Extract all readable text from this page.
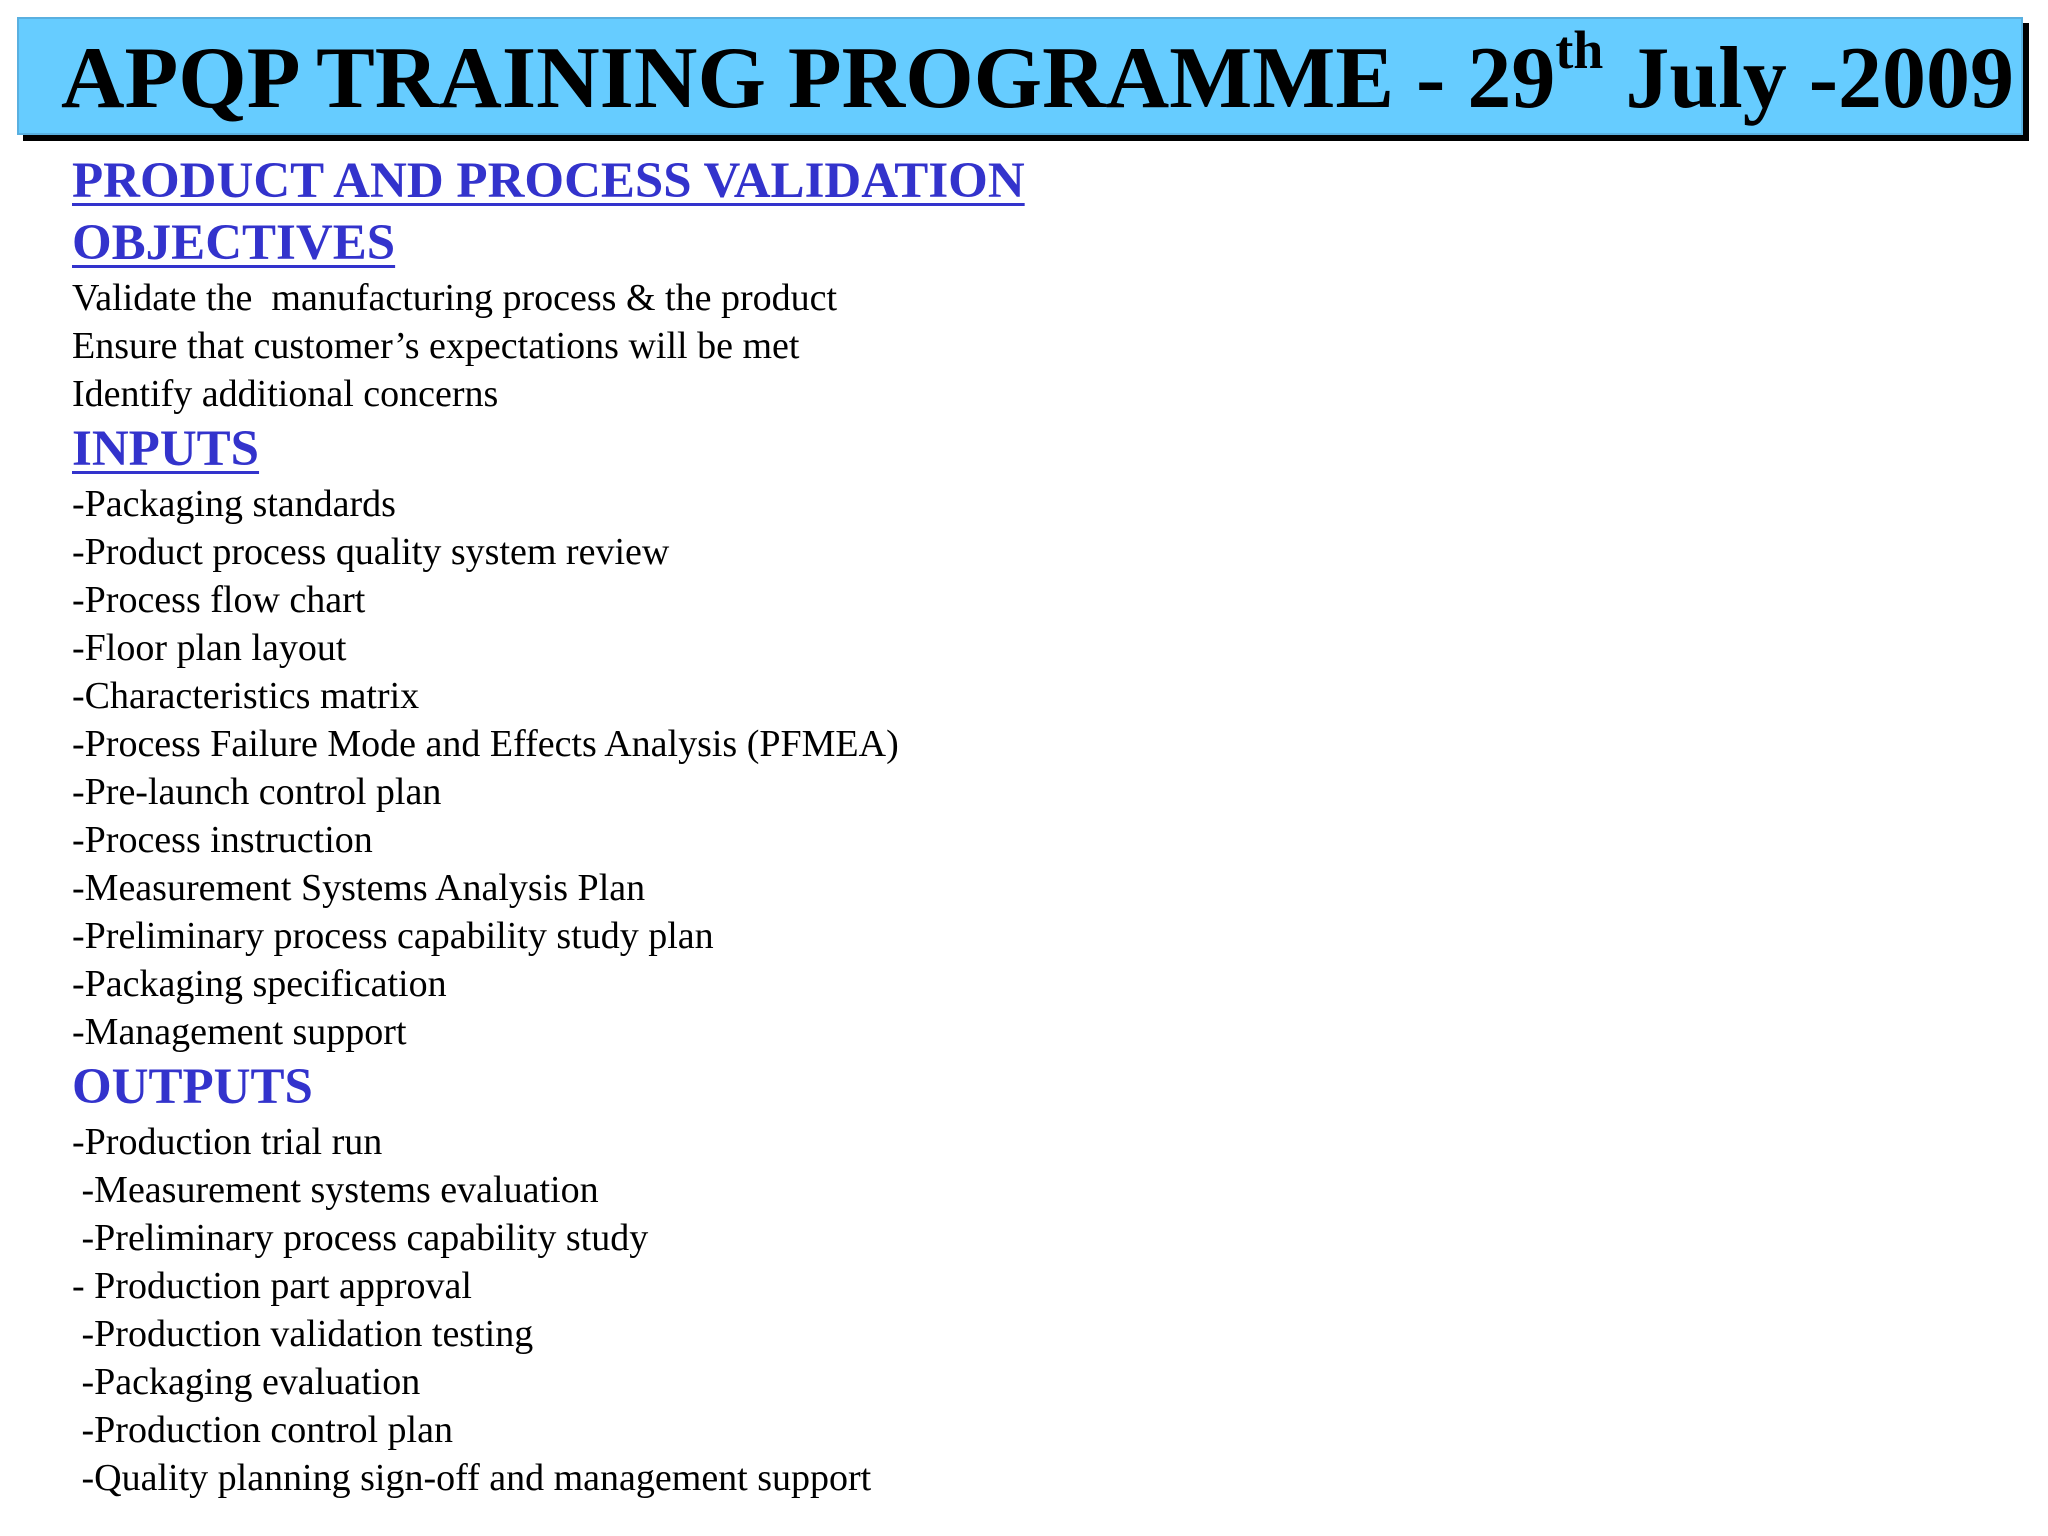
APQP TRAINING PROGRAMME - 29th July -2009
PRODUCT AND PROCESS VALIDATION
OBJECTIVES
Validate the  manufacturing process & the product
Ensure that customer’s expectations will be met
Identify additional concerns
INPUTS
-Packaging standards
-Product process quality system review
-Process flow chart
-Floor plan layout
-Characteristics matrix
-Process Failure Mode and Effects Analysis (PFMEA)
-Pre-launch control plan
-Process instruction
-Measurement Systems Analysis Plan
-Preliminary process capability study plan
-Packaging specification
-Management support
OUTPUTS
-Production trial run
-Measurement systems evaluation
-Preliminary process capability study
- Production part approval
-Production validation testing
-Packaging evaluation
-Production control plan
-Quality planning sign-off and management support
